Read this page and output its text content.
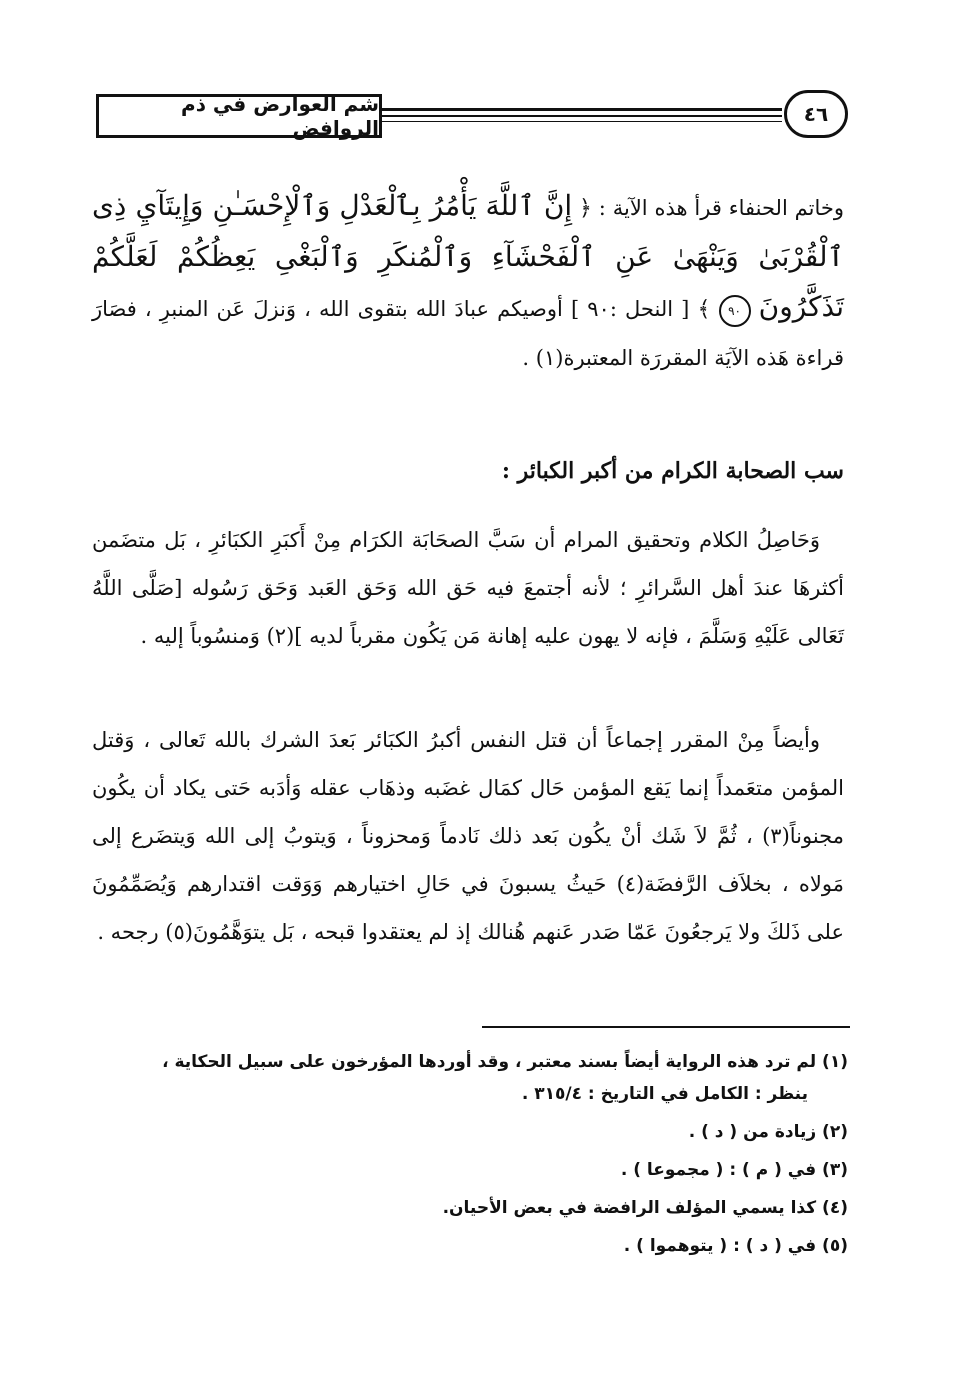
شم العوارض في ذم الروافض
٤٦

وخاتم الحنفاء قرأ هذه الآية : ﴿ إِنَّ ٱللَّهَ يَأْمُرُ بِٱلْعَدْلِ وَٱلْإِحْسَـٰنِ وَإِيتَآيِ ذِى ٱلْقُرْبَىٰ وَيَنْهَىٰ عَنِ ٱلْفَحْشَآءِ وَٱلْمُنكَرِ وَٱلْبَغْىِ يَعِظُكُمْ لَعَلَّكُمْ تَذَكَّرُونَ ٩٠ ﴾ [ النحل :٩٠ ] أوصيكم عبادَ الله بتقوى الله ، وَنزلَ عَن المنبرِ ، فصَارَ قراءة هَذه الآيَة المقررَة المعتبرة(١) .

سب الصحابة الكرام من أكبر الكبائر :

وَحَاصِلُ الكلام وتحقيق المرام أن سَبَّ الصحَابَة الكرَام مِنْ أَكبَرِ الكبَائرِ ، بَل متضَمن أكثرهَا عندَ أهل السَّرائرِ ؛ لأنه أجتمعَ فيه حَق الله وَحَق العَبد وَحَق رَسُوله [صَلَّى اللَّهُ تَعَالى عَلَيْهِ وَسَلَّمَ ، فإنه لا يهون عليه إهانة مَن يَكُون مقرباً لديه ](٢) وَمنسُوباً إليه .

وأيضاً مِنْ المقرر إجماعاً أن قتل النفس أكبرُ الكبَائر بَعدَ الشرك بالله تَعالى ، وَقتل المؤمن متعَمداً إنما يَقع المؤمن حَال كمَال غضَبه وذهَاب عقله وَأدَبه حَتى يكاد أن يكُون مجنوناً(٣) ، ثُمَّ لاَ شَك أنْ يكُون بَعد ذلك نَادماً وَمحزوناً ، وَيتوبُ إلى الله وَيتضَرع إلى مَولاه ، بخلاَف الرَّفضَة(٤) حَيثُ يسبونَ في حَالِ اختيارهم وَوَقت اقتدارهم وَيُصَمِّمُونَ على ذَلكَ ولا يَرجعُونَ عَمّا صَدر عَنهم هُنالك إذ لم يعتقدوا قبحه ، بَل يتوَهَّمُونَ(٥) رجحه .

(١) لم ترد هذه الرواية أيضاً بسند معتبر ، وقد أوردها المؤرخون على سبيل الحكاية ،
ينظر : الكامل في التاريخ : ٣١٥/٤ .

(٢) زيادة من ( د ) .

(٣) في ( م ) : ( مجموعا ) .

(٤) كذا يسمي المؤلف الرافضة في بعض الأحيان.

(٥) في ( د ) : ( يتوهموا ) .
